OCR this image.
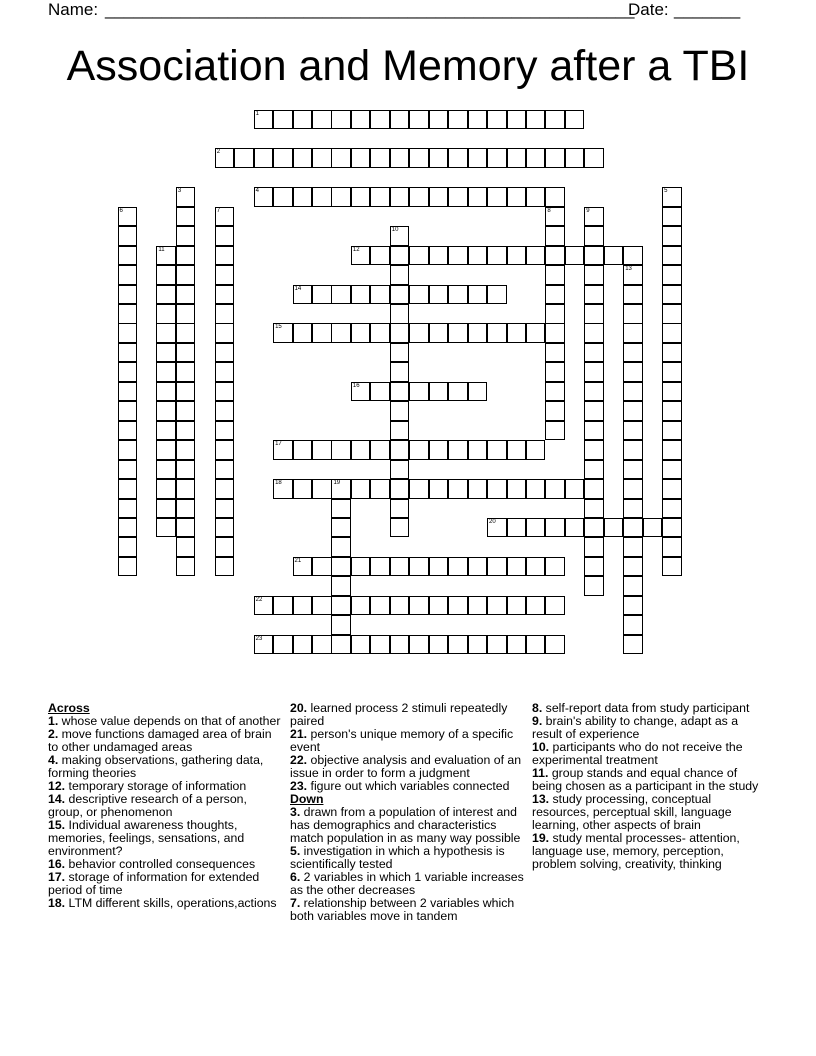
Name: ________________________________________________________
Date: _______
Association and Memory after a TBI
1
2
3	4	5
6	7	8	9
10
11	12
13
14
15
16
17
18	19
20
21
22
23

Across

1. whose value depends on that of another

2. move functions damaged area of brain to other undamaged areas

4. making observations, gathering data, forming theories

12. temporary storage of information

14. descriptive research of a person, group, or phenomenon

15. Individual awareness thoughts, memories, feelings, sensations, and environment?

16. behavior controlled consequences

17. storage of information for extended period of time

18. LTM different skills, operations,actions

20. learned process 2 stimuli repeatedly paired

21. person's unique memory of a specific event

22. objective analysis and evaluation of an issue in order to form a judgment

23. figure out which variables connected

Down

3. drawn from a population of interest and has demographics and characteristics match population in as many way possible

5. investigation in which a hypothesis is scientifically tested

6. 2 variables in which 1 variable increases as the other decreases

7. relationship between 2 variables which both variables move in tandem

8. self-report data from study participant

9. brain's ability to change, adapt as a result of experience

10. participants who do not receive the experimental treatment

11. group stands and equal chance of being chosen as a participant in the study

13. study processing, conceptual resources, perceptual skill, language learning, other aspects of brain

19. study mental processes- attention, language use, memory, perception, problem solving, creativity, thinking
